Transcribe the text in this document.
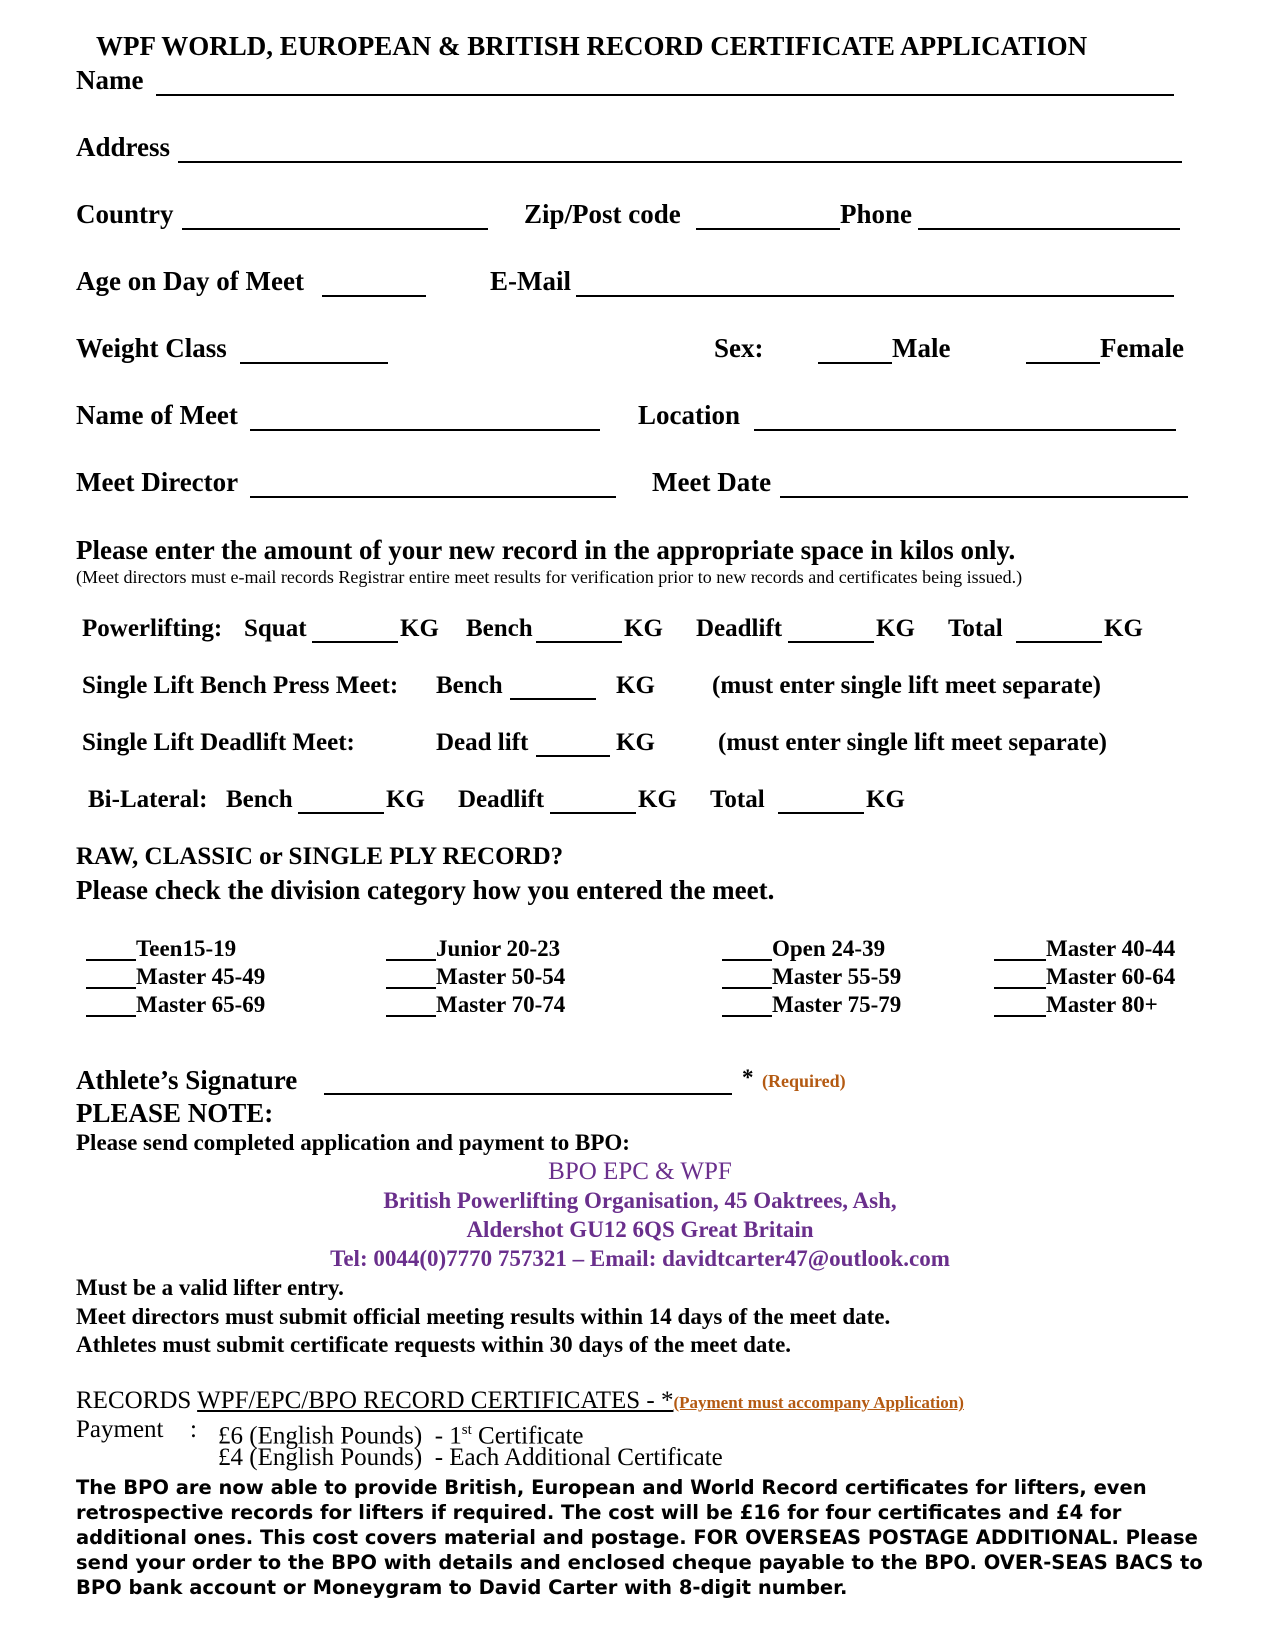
WPF WORLD, EUROPEAN & BRITISH RECORD CERTIFICATE APPLICATION
Name
Address
Country	Zip/Post code	Phone
Age on Day of Meet	E-Mail
Weight Class	Sex:	Male	Female
Name of Meet	Location
Meet Director	Meet Date
Please enter the amount of your new record in the appropriate space in kilos only.
(Meet directors must e-mail records Registrar entire meet results for verification prior to new records and certificates being issued.)
Powerlifting: Squat	KG Bench	KG Deadlift	KG Total	KG
Single Lift Bench Press Meet: Bench	KG (must enter single lift meet separate)
Single Lift Deadlift Meet:	Dead lift	KG	(must enter single lift meet separate)
Bi-Lateral: Bench	KG Deadlift	KG Total	KG
RAW, CLASSIC or SINGLE PLY RECORD?
Please check the division category how you entered the meet.
Teen15-19	Junior 20-23	Open 24-39	Master 40-44
Master 45-49	Master 50-54	Master 55-59	Master 60-64
Master 65-69	Master 70-74	Master 75-79	Master 80+
Athlete’s Signature	* (Required)
PLEASE NOTE:
Please send completed application and payment to BPO:
BPO EPC & WPF
British Powerlifting Organisation, 45 Oaktrees, Ash,
Aldershot GU12 6QS Great Britain
Tel: 0044(0)7770 757321 – Email: davidtcarter47@outlook.com
Must be a valid lifter entry.
Meet directors must submit official meeting results within 14 days of the meet date.
Athletes must submit certificate requests within 30 days of the meet date.
RECORDS WPF/EPC/BPO RECORD CERTIFICATES - *(Payment must accompany Application)
Payment : £6 (English Pounds) - 1st Certificate
£4 (English Pounds) - Each Additional Certificate
The BPO are now able to provide British, European and World Record certificates for lifters, even retrospective records for lifters if required. The cost will be £16 for four certificates and £4 for additional ones. This cost covers material and postage. FOR OVERSEAS POSTAGE ADDITIONAL. Please send your order to the BPO with details and enclosed cheque payable to the BPO. OVER-SEAS BACS to BPO bank account or Moneygram to David Carter with 8-digit number.
